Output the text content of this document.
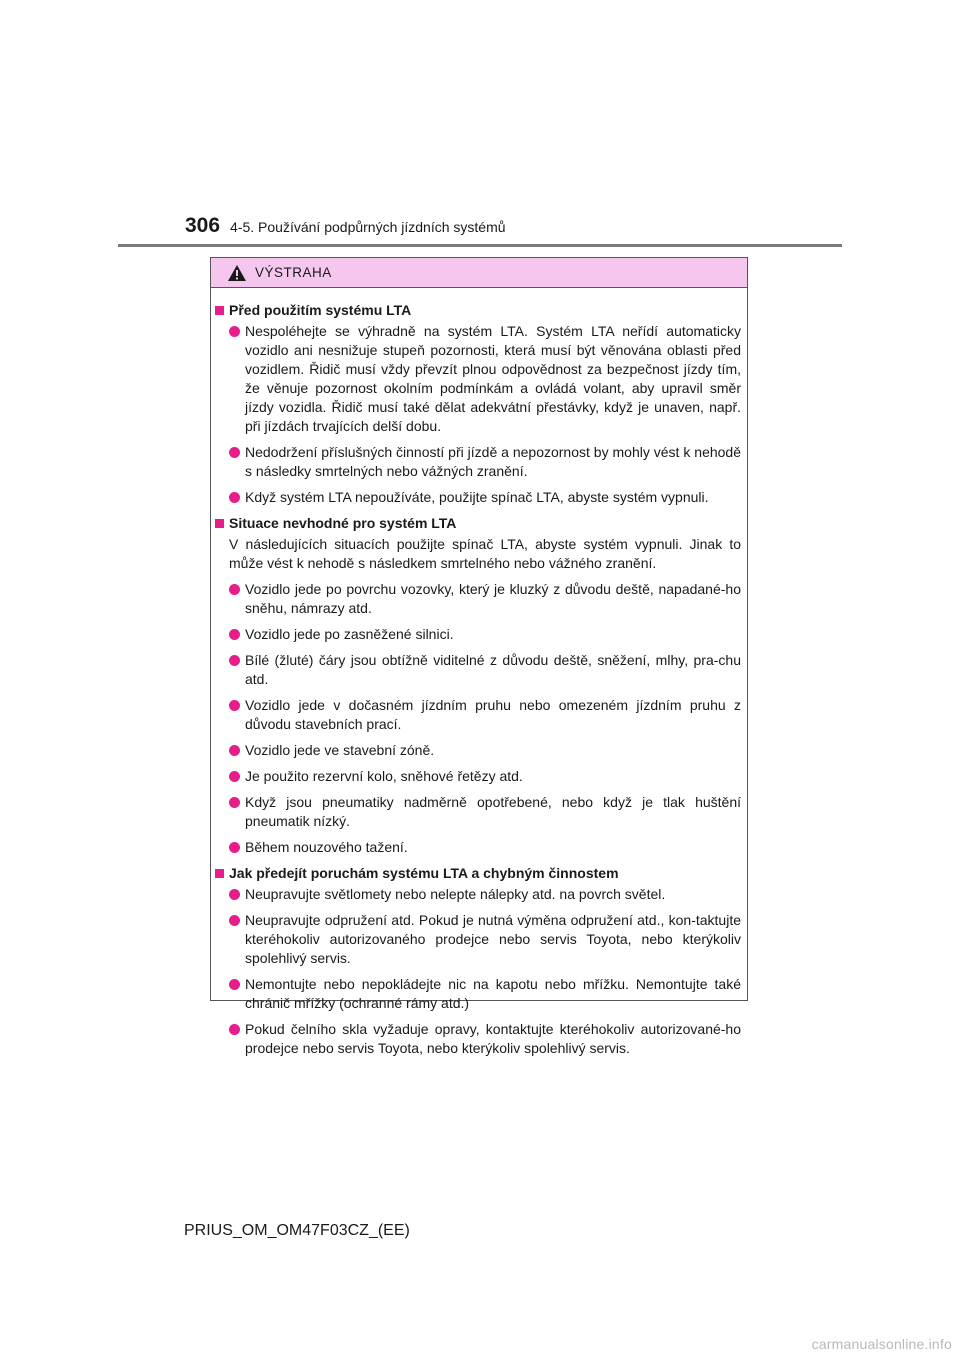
306 4-5. Používání podpůrných jízdních systémů
VÝSTRAHA
Před použitím systému LTA
Nespoléhejte se výhradně na systém LTA. Systém LTA neřídí automaticky vozidlo ani nesnižuje stupeň pozornosti, která musí být věnována oblasti před vozidlem. Řidič musí vždy převzít plnou odpovědnost za bezpečnost jízdy tím, že věnuje pozornost okolním podmínkám a ovládá volant, aby upravil směr jízdy vozidla. Řidič musí také dělat adekvátní přestávky, když je unaven, např. při jízdách trvajících delší dobu.
Nedodržení příslušných činností při jízdě a nepozornost by mohly vést k nehodě s následky smrtelných nebo vážných zranění.
Když systém LTA nepoužíváte, použijte spínač LTA, abyste systém vypnuli.
Situace nevhodné pro systém LTA
V následujících situacích použijte spínač LTA, abyste systém vypnuli. Jinak to může vést k nehodě s následkem smrtelného nebo vážného zranění.
Vozidlo jede po povrchu vozovky, který je kluzký z důvodu deště, napadané-ho sněhu, námrazy atd.
Vozidlo jede po zasněžené silnici.
Bílé (žluté) čáry jsou obtížně viditelné z důvodu deště, sněžení, mlhy, pra-chu atd.
Vozidlo jede v dočasném jízdním pruhu nebo omezeném jízdním pruhu z důvodu stavebních prací.
Vozidlo jede ve stavební zóně.
Je použito rezervní kolo, sněhové řetězy atd.
Když jsou pneumatiky nadměrně opotřebené, nebo když je tlak huštění pneumatik nízký.
Během nouzového tažení.
Jak předejít poruchám systému LTA a chybným činnostem
Neupravujte světlomety nebo nelepte nálepky atd. na povrch světel.
Neupravujte odpružení atd. Pokud je nutná výměna odpružení atd., kon-taktujte kteréhokoliv autorizovaného prodejce nebo servis Toyota, nebo kterýkoliv spolehlivý servis.
Nemontujte nebo nepokládejte nic na kapotu nebo mřížku. Nemontujte také chránič mřížky (ochranné rámy atd.)
Pokud čelního skla vyžaduje opravy, kontaktujte kteréhokoliv autorizované-ho prodejce nebo servis Toyota, nebo kterýkoliv spolehlivý servis.
PRIUS_OM_OM47F03CZ_(EE)
carmanualsonline.info
